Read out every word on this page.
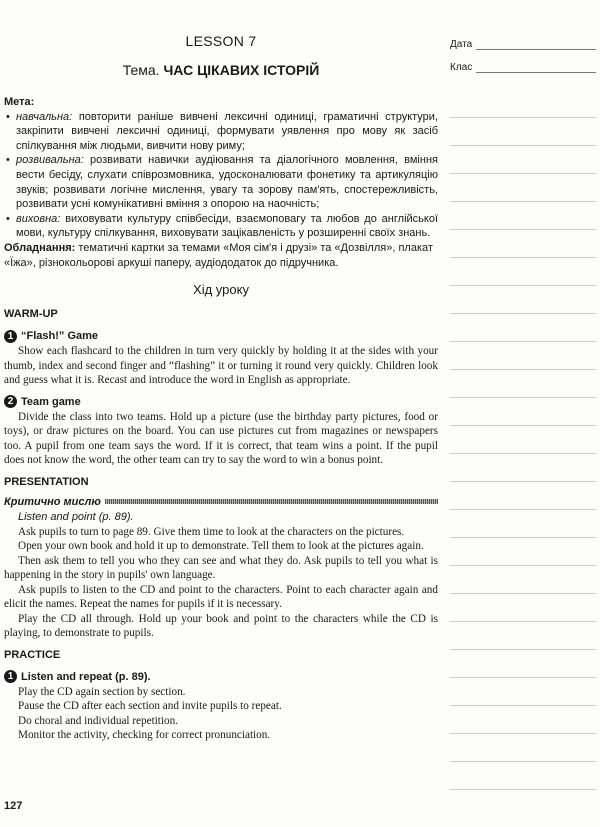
LESSON 7
Тема. ЧАС ЦІКАВИХ ІСТОРІЙ
Мета:
• навчальна: повторити раніше вивчені лексичні одиниці, граматичні структури, закріпити вивчені лексичні одиниці, формувати уявлення про мову як засіб спілкування між людьми, вивчити нову риму;
• розвивальна: розвивати навички аудіювання та діалогічного мовлення, вміння вести бесіду, слухати співрозмовника, удосконалювати фонетику та артикуляцію звуків; розвивати логічне мислення, увагу та зорову пам'ять, спостережливість, розвивати усні комунікативні вміння з опорою на наочність;
• виховна: виховувати культуру співбесіди, взаємоповагу та любов до англійської мови, культуру спілкування, виховувати зацікавленість у розширенні своїх знань.
Обладнання: тематичні картки за темами «Моя сім'я і друзі» та «Дозвілля», плакат «Їжа», різнокольорові аркуші паперу, аудіододаток до підручника.
Хід уроку
WARM-UP
1 “Flash!” Game
Show each flashcard to the children in turn very quickly by holding it at the sides with your thumb, index and second finger and “flashing” it or turning it round very quickly. Children look and guess what it is. Recast and introduce the word in English as appropriate.
2 Team game
Divide the class into two teams. Hold up a picture (use the birthday party pictures, food or toys), or draw pictures on the board. You can use pictures cut from magazines or newspapers too. A pupil from one team says the word. If it is correct, that team wins a point. If the pupil does not know the word, the other team can try to say the word to win a bonus point.
PRESENTATION
Критично мислю
Listen and point (p. 89).
Ask pupils to turn to page 89. Give them time to look at the characters on the pictures.
Open your own book and hold it up to demonstrate. Tell them to look at the pictures again.
Then ask them to tell you who they can see and what they do. Ask pupils to tell you what is happening in the story in pupils' own language.
Ask pupils to listen to the CD and point to the characters. Point to each character again and elicit the names. Repeat the names for pupils if it is necessary.
Play the CD all through. Hold up your book and point to the characters while the CD is playing, to demonstrate to pupils.
PRACTICE
1 Listen and repeat (p. 89).
Play the CD again section by section.
Pause the CD after each section and invite pupils to repeat.
Do choral and individual repetition.
Monitor the activity, checking for correct pronunciation.
127
Дата
Клас
